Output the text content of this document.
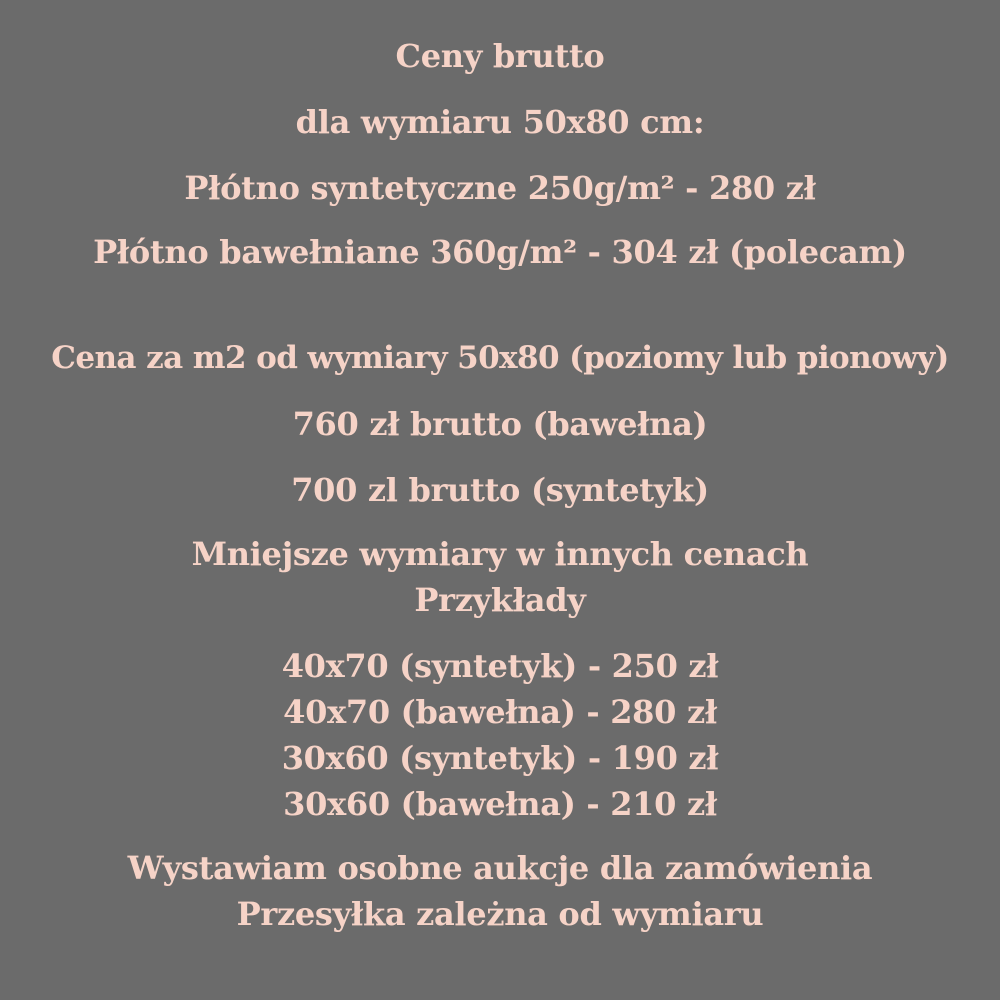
Ceny brutto
dla wymiaru 50x80 cm:
Płótno syntetyczne 250g/m² - 280 zł
Płótno bawełniane 360g/m² - 304 zł (polecam)
Cena za m2 od wymiary 50x80 (poziomy lub pionowy)
760 zł brutto (bawełna)
700 zl brutto (syntetyk)
Mniejsze wymiary w innych cenach
Przykłady
40x70 (syntetyk) - 250 zł
40x70 (bawełna) - 280 zł
30x60 (syntetyk) - 190 zł
30x60 (bawełna) - 210 zł
Wystawiam osobne aukcje dla zamówienia
Przesyłka zależna od wymiaru
